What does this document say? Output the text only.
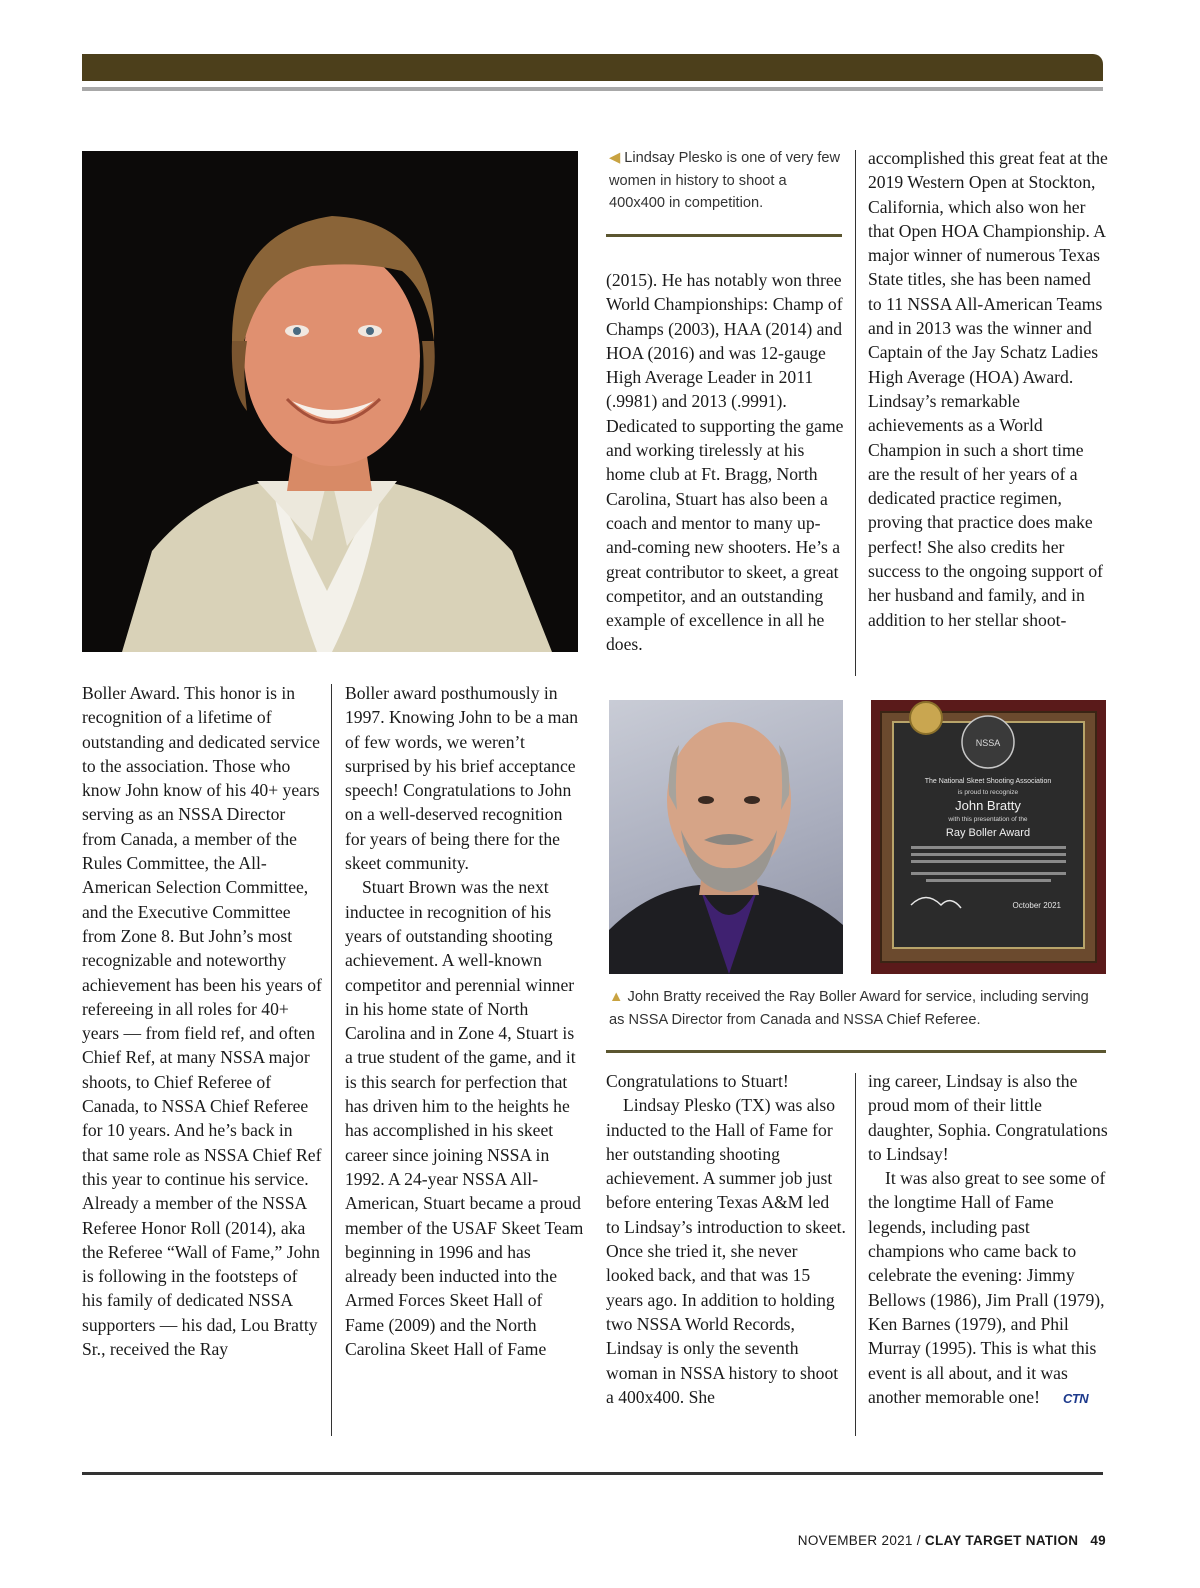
◀ Lindsay Plesko is one of very few women in history to shoot a 400x400 in competition.

(2015). He has notably won three World Championships: Champ of Champs (2003), HAA (2014) and HOA (2016) and was 12-gauge High Average Leader in 2011 (.9981) and 2013 (.9991). Dedicated to supporting the game and working tirelessly at his home club at Ft. Bragg, North Carolina, Stuart has also been a coach and mentor to many up-and-coming new shooters. He’s a great contributor to skeet, a great competitor, and an outstanding example of excellence in all he does.

accomplished this great feat at the 2019 Western Open at Stockton, California, which also won her that Open HOA Championship. A major winner of numerous Texas State titles, she has been named to 11 NSSA All-American Teams and in 2013 was the winner and Captain of the Jay Schatz Ladies High Average (HOA) Award. Lindsay’s remarkable achievements as a World Champion in such a short time are the result of her years of a dedicated practice regimen, proving that practice does make perfect! She also credits her success to the ongoing support of her husband and family, and in addition to her stellar shoot-

Boller Award. This honor is in recognition of a lifetime of outstanding and dedicated service to the association. Those who know John know of his 40+ years serving as an NSSA Director from Canada, a member of the Rules Committee, the All-American Selection Committee, and the Executive Committee from Zone 8. But John’s most recognizable and noteworthy achievement has been his years of refereeing in all roles for 40+ years — from field ref, and often Chief Ref, at many NSSA major shoots, to Chief Referee of Canada, to NSSA Chief Referee for 10 years. And he’s back in that same role as NSSA Chief Ref this year to continue his service. Already a member of the NSSA Referee Honor Roll (2014), aka the Referee “Wall of Fame,” John is following in the footsteps of his family of dedicated NSSA supporters — his dad, Lou Bratty Sr., received the Ray

Boller award posthumously in 1997. Knowing John to be a man of few words, we weren’t surprised by his brief acceptance speech! Congratulations to John on a well-deserved recognition for years of being there for the skeet community.

Stuart Brown was the next inductee in recognition of his years of outstanding shooting achievement. A well-known competitor and perennial winner in his home state of North Carolina and in Zone 4, Stuart is a true student of the game, and it is this search for perfection that has driven him to the heights he has accomplished in his skeet career since joining NSSA in 1992. A 24-year NSSA All-American, Stuart became a proud member of the USAF Skeet Team beginning in 1996 and has already been inducted into the Armed Forces Skeet Hall of Fame (2009) and the North Carolina Skeet Hall of Fame

NSSA
The National Skeet Shooting Association
is proud to recognize
John Bratty
with this presentation of the
Ray Boller Award
October 2021
▲ John Bratty received the Ray Boller Award for service, including serving as NSSA Director from Canada and NSSA Chief Referee.

Congratulations to Stuart!

Lindsay Plesko (TX) was also inducted to the Hall of Fame for her outstanding shooting achievement. A summer job just before entering Texas A&M led to Lindsay’s introduction to skeet. Once she tried it, she never looked back, and that was 15 years ago. In addition to holding two NSSA World Records, Lindsay is only the seventh woman in NSSA history to shoot a 400x400. She

ing career, Lindsay is also the proud mom of their little daughter, Sophia. Congratulations to Lindsay!

It was also great to see some of the longtime Hall of Fame legends, including past champions who came back to celebrate the evening: Jimmy Bellows (1986), Jim Prall (1979), Ken Barnes (1979), and Phil Murray (1995). This is what this event is all about, and it was another memorable one! CTN

NOVEMBER 2021 / CLAY TARGET NATION 49
